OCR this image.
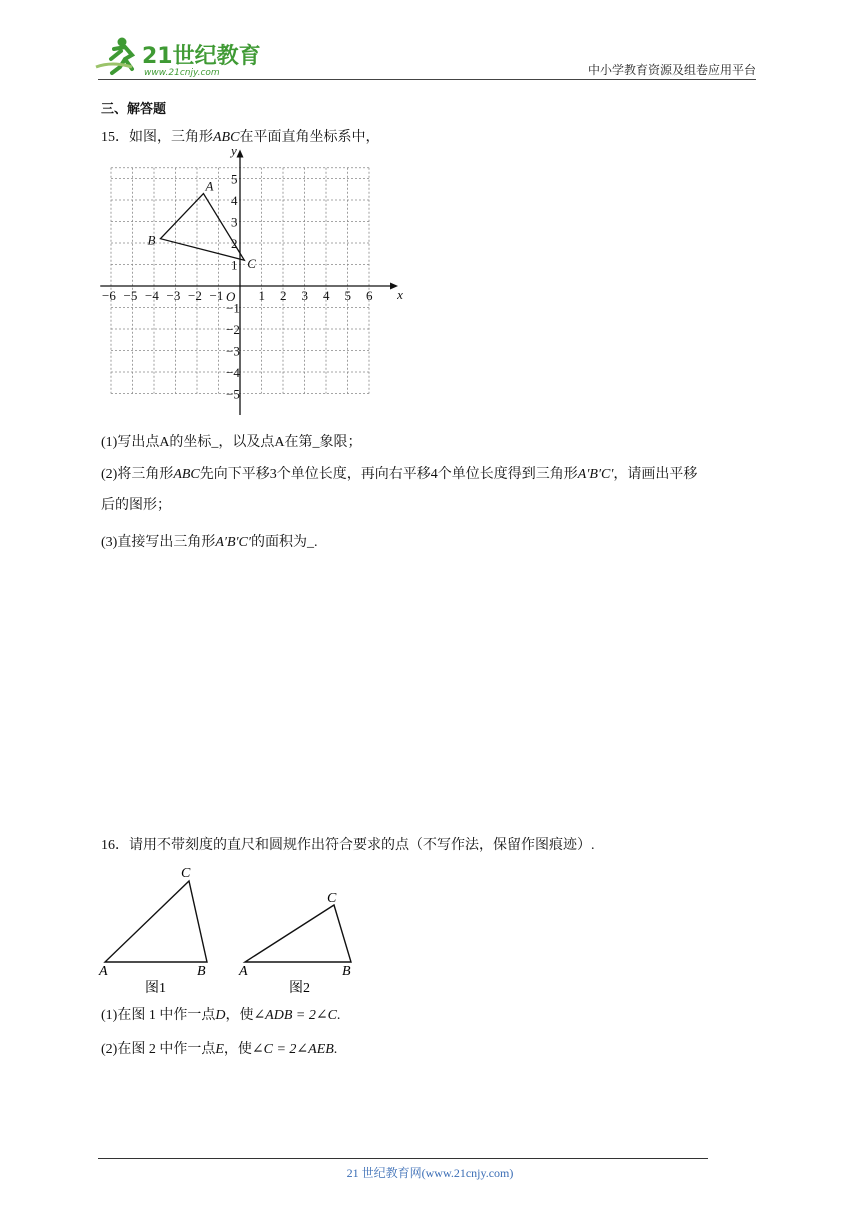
21世纪教育
www.21cnjy.com	中小学教育资源及组卷应用平台
三、解答题
15．如图，三角形ABC在平面直角坐标系中，
x
y
O
−6 −5 −4 −3 −2 −1	1 2 3 4 5 6
5
4
3
2
1
−1
−2
−3
−4
−5
A
B
C
(1)写出点A的坐标_，以及点A在第_象限；
(2)将三角形ABC先向下平移3个单位长度，再向右平移4个单位长度得到三角形A′B′C′，请画出平移
后的图形；
(3)直接写出三角形A′B′C′的面积为_.
16．请用不带刻度的直尺和圆规作出符合要求的点（不写作法，保留作图痕迹）.
A	B
C
图1
A	B
C
图2
(1)在图 1 中作一点D，使∠ADB = 2∠C.
(2)在图 2 中作一点E，使∠C = 2∠AEB.
21 世纪教育网(www.21cnjy.com)
